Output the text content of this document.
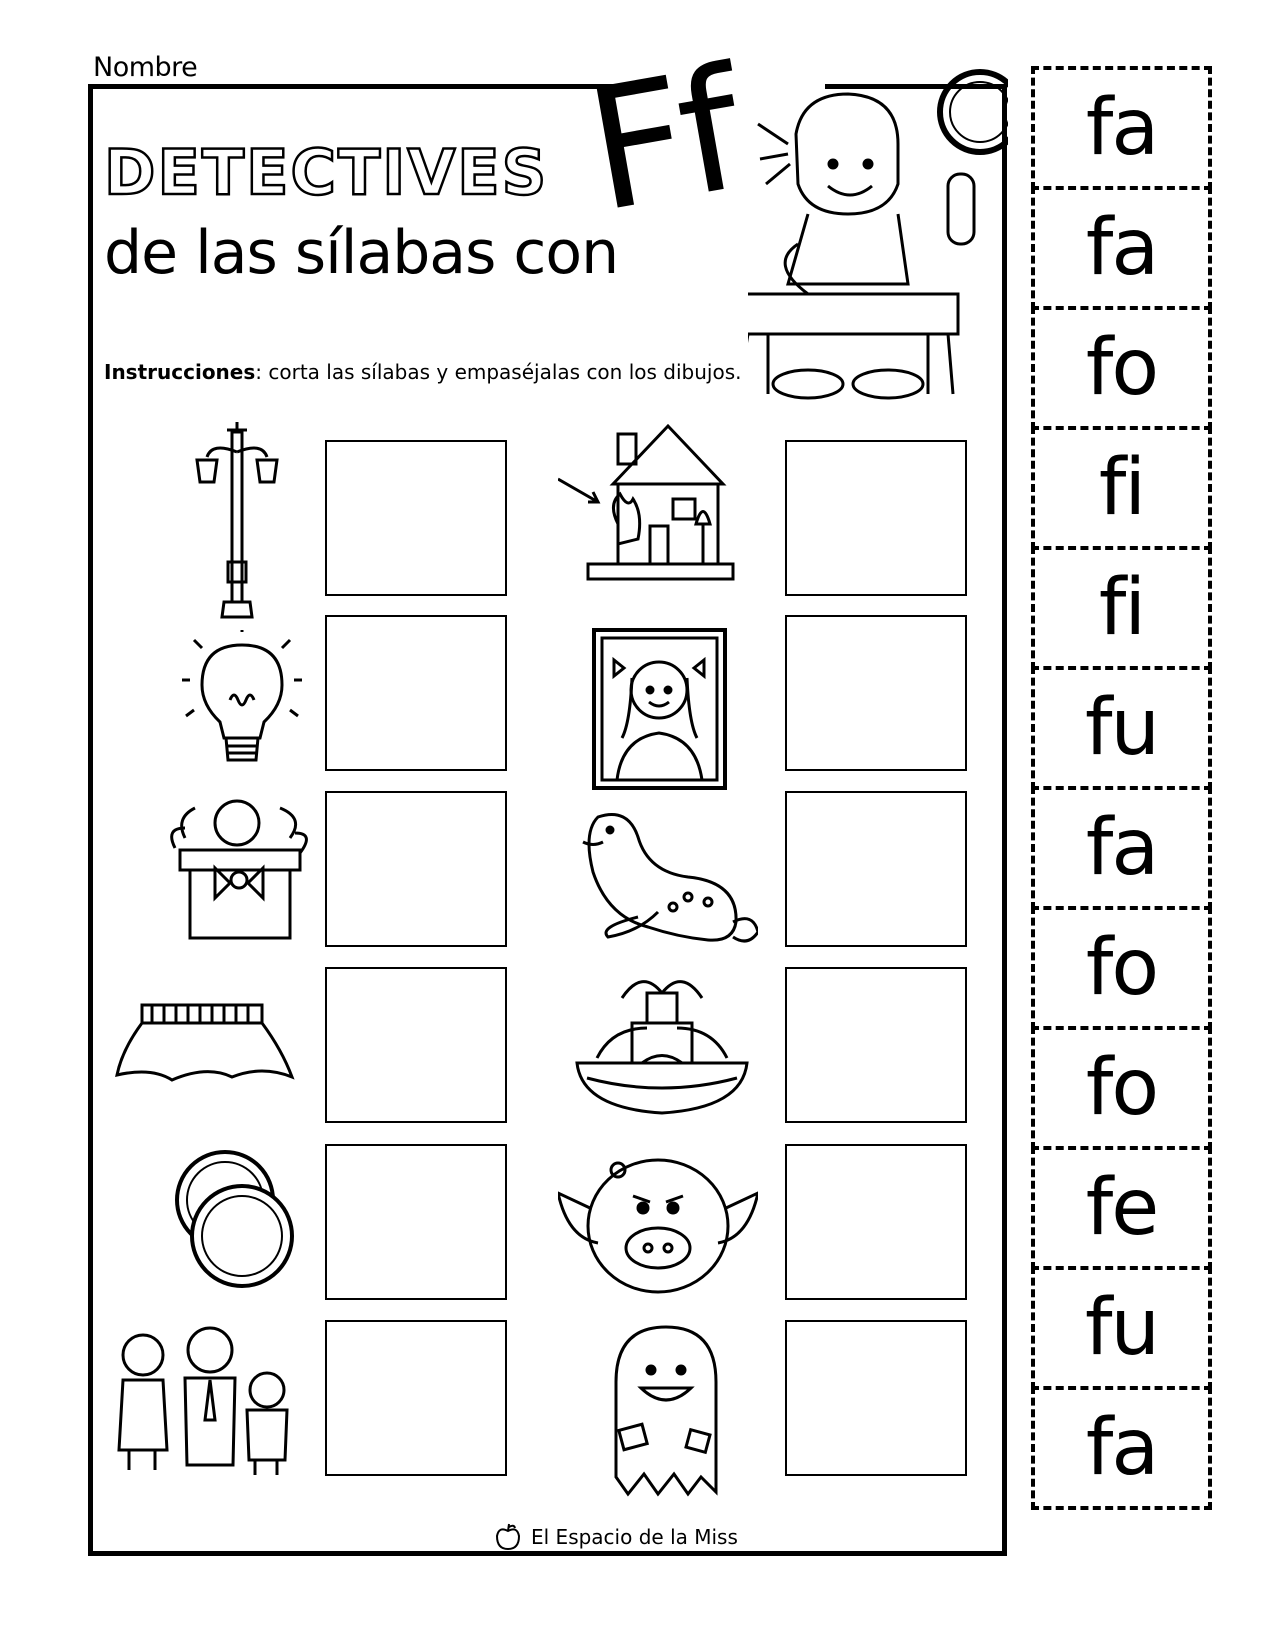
Nombre
DETECTIVES
de las sílabas con
Ff
Instrucciones: corta las sílabas y empaséjalas con los dibujos.
El Espacio de la Miss
fa
fa
fo
fi
fi
fu
fa
fo
fo
fe
fu
fa
